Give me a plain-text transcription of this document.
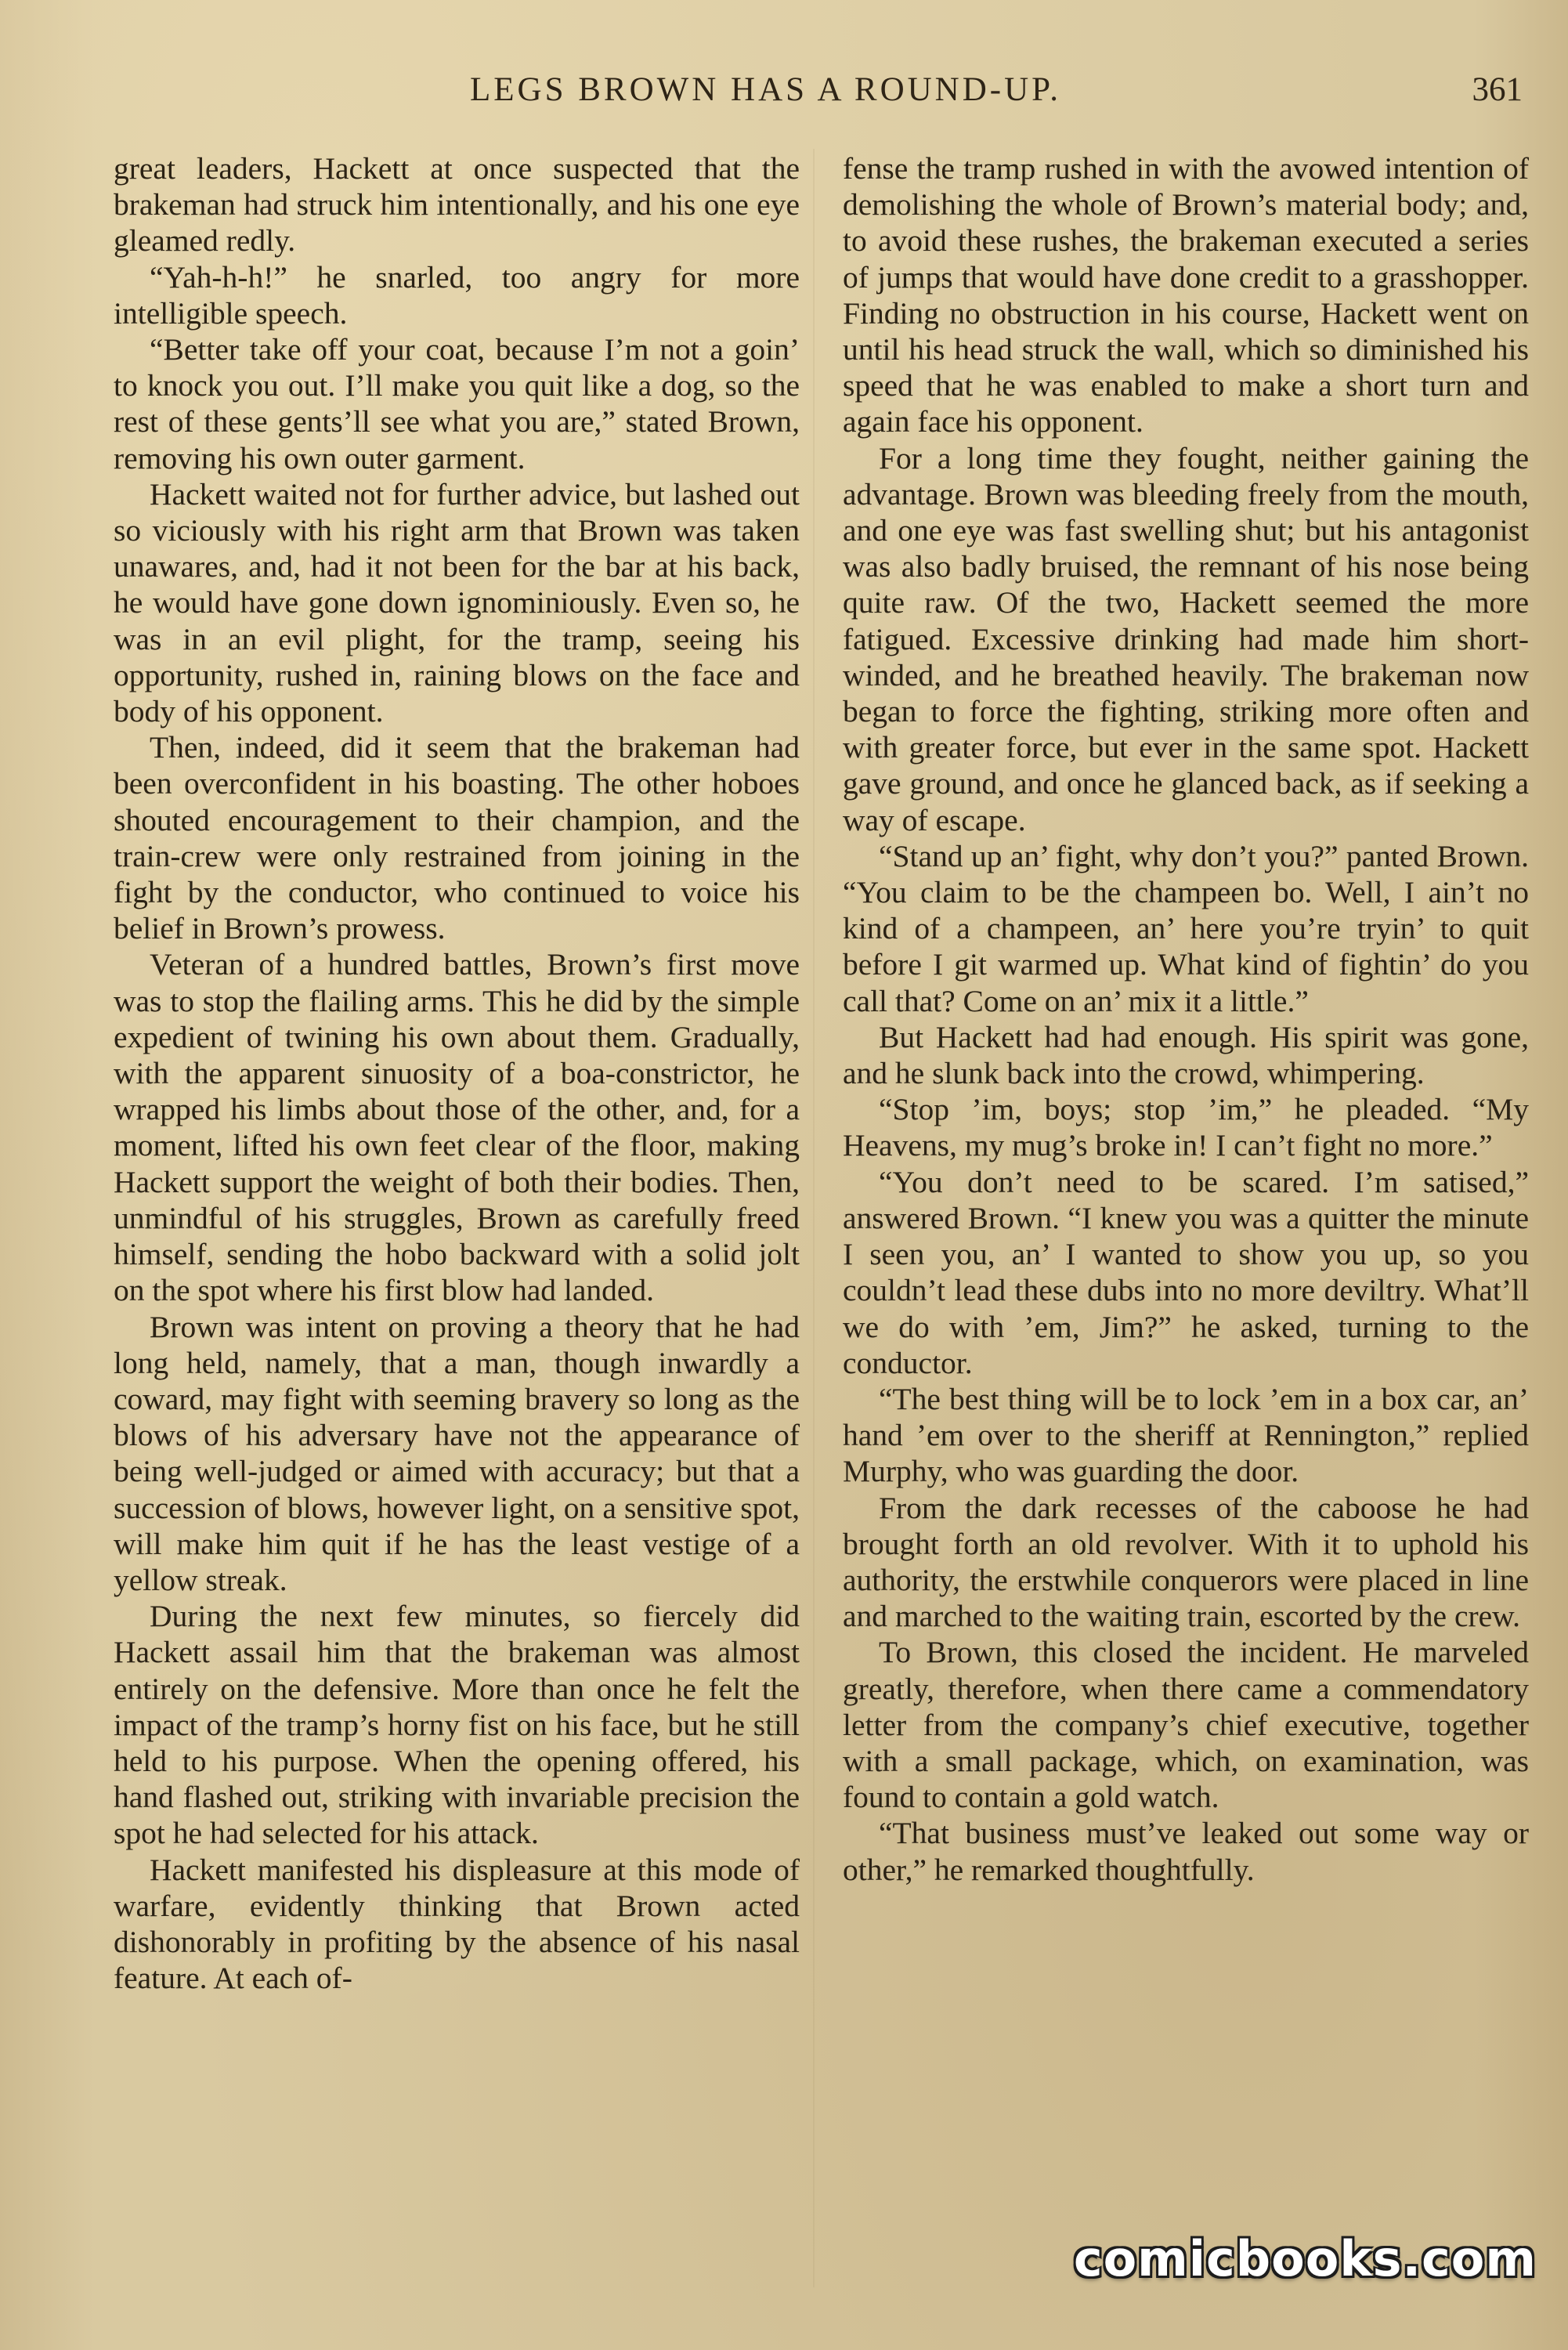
LEGS BROWN HAS A ROUND-UP.	361

great leaders, Hackett at once suspected that the brakeman had struck him intentionally, and his one eye gleamed redly.

“Yah-h-h!” he snarled, too angry for more intelligible speech.

“Better take off your coat, because I’m not a goin’ to knock you out. I’ll make you quit like a dog, so the rest of these gents’ll see what you are,” stated Brown, removing his own outer garment.

Hackett waited not for further advice, but lashed out so viciously with his right arm that Brown was taken unawares, and, had it not been for the bar at his back, he would have gone down ignominiously. Even so, he was in an evil plight, for the tramp, seeing his opportunity, rushed in, raining blows on the face and body of his opponent.

Then, indeed, did it seem that the brakeman had been overconfident in his boasting. The other hoboes shouted encouragement to their champion, and the train-crew were only restrained from joining in the fight by the conductor, who continued to voice his belief in Brown’s prowess.

Veteran of a hundred battles, Brown’s first move was to stop the flailing arms. This he did by the simple expedient of twining his own about them. Gradually, with the apparent sinuosity of a boa-constrictor, he wrapped his limbs about those of the other, and, for a moment, lifted his own feet clear of the floor, making Hackett support the weight of both their bodies. Then, unmindful of his struggles, Brown as carefully freed himself, sending the hobo backward with a solid jolt on the spot where his first blow had landed.

Brown was intent on proving a theory that he had long held, namely, that a man, though inwardly a coward, may fight with seeming bravery so long as the blows of his adversary have not the appearance of being well-judged or aimed with accuracy; but that a succession of blows, however light, on a sensitive spot, will make him quit if he has the least vestige of a yellow streak.

During the next few minutes, so fiercely did Hackett assail him that the brakeman was almost entirely on the defensive. More than once he felt the impact of the tramp’s horny fist on his face, but he still held to his purpose. When the opening offered, his hand flashed out, striking with invariable precision the spot he had selected for his attack.

Hackett manifested his displeasure at this mode of warfare, evidently thinking that Brown acted dishonorably in profiting by the absence of his nasal feature. At each of-

fense the tramp rushed in with the avowed intention of demolishing the whole of Brown’s material body; and, to avoid these rushes, the brakeman executed a series of jumps that would have done credit to a grasshopper. Finding no obstruction in his course, Hackett went on until his head struck the wall, which so diminished his speed that he was enabled to make a short turn and again face his opponent.

For a long time they fought, neither gaining the advantage. Brown was bleeding freely from the mouth, and one eye was fast swelling shut; but his antagonist was also badly bruised, the remnant of his nose being quite raw. Of the two, Hackett seemed the more fatigued. Excessive drinking had made him short-winded, and he breathed heavily. The brakeman now began to force the fighting, striking more often and with greater force, but ever in the same spot. Hackett gave ground, and once he glanced back, as if seeking a way of escape.

“Stand up an’ fight, why don’t you?” panted Brown. “You claim to be the champeen bo. Well, I ain’t no kind of a champeen, an’ here you’re tryin’ to quit before I git warmed up. What kind of fightin’ do you call that? Come on an’ mix it a little.”

But Hackett had had enough. His spirit was gone, and he slunk back into the crowd, whimpering.

“Stop ’im, boys; stop ’im,” he pleaded. “My Heavens, my mug’s broke in! I can’t fight no more.”

“You don’t need to be scared. I’m satised,” answered Brown. “I knew you was a quitter the minute I seen you, an’ I wanted to show you up, so you couldn’t lead these dubs into no more deviltry. What’ll we do with ’em, Jim?” he asked, turning to the conductor.

“The best thing will be to lock ’em in a box car, an’ hand ’em over to the sheriff at Rennington,” replied Murphy, who was guarding the door.

From the dark recesses of the caboose he had brought forth an old revolver. With it to uphold his authority, the erstwhile conquerors were placed in line and marched to the waiting train, escorted by the crew.

To Brown, this closed the incident. He marveled greatly, therefore, when there came a commendatory letter from the company’s chief executive, together with a small package, which, on examination, was found to contain a gold watch.

“That business must’ve leaked out some way or other,” he remarked thoughtfully.

comicbooks.com
